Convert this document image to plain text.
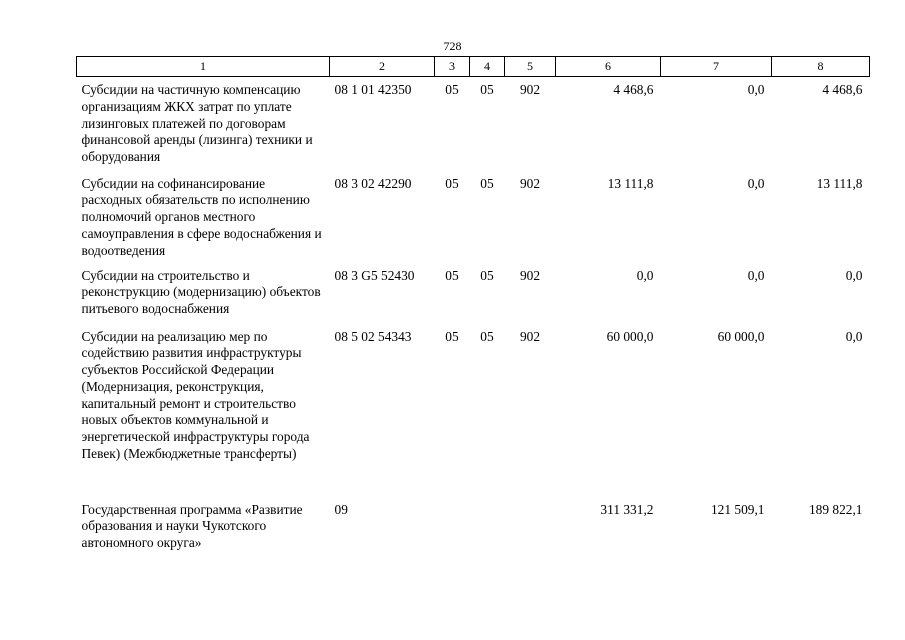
728
1	2	3	4	5	6	7	8
Субсидии на частичную компенсацию организациям ЖКХ затрат по уплате лизинговых платежей по договорам финансовой аренды (лизинга) техники и оборудования	08 1 01 42350	05	05	902	4 468,6	0,0	4 468,6
Субсидии на софинансирование расходных обязательств по исполнению полномочий органов местного самоуправления в сфере водоснабжения и водоотведения	08 3 02 42290	05	05	902	13 111,8	0,0	13 111,8
Субсидии на строительство и реконструкцию (модернизацию) объектов питьевого водоснабжения	08 3 G5 52430	05	05	902	0,0	0,0	0,0
Субсидии на реализацию мер по содействию развития инфраструктуры субъектов Российской Федерации (Модернизация, реконструкция, капитальный ремонт и строительство новых объектов коммунальной и энергетической инфраструктуры города Певек) (Межбюджетные трансферты)	08 5 02 54343	05	05	902	60 000,0	60 000,0	0,0
Государственная программа «Развитие образования и науки Чукотского автономного округа»	09				311 331,2	121 509,1	189 822,1
